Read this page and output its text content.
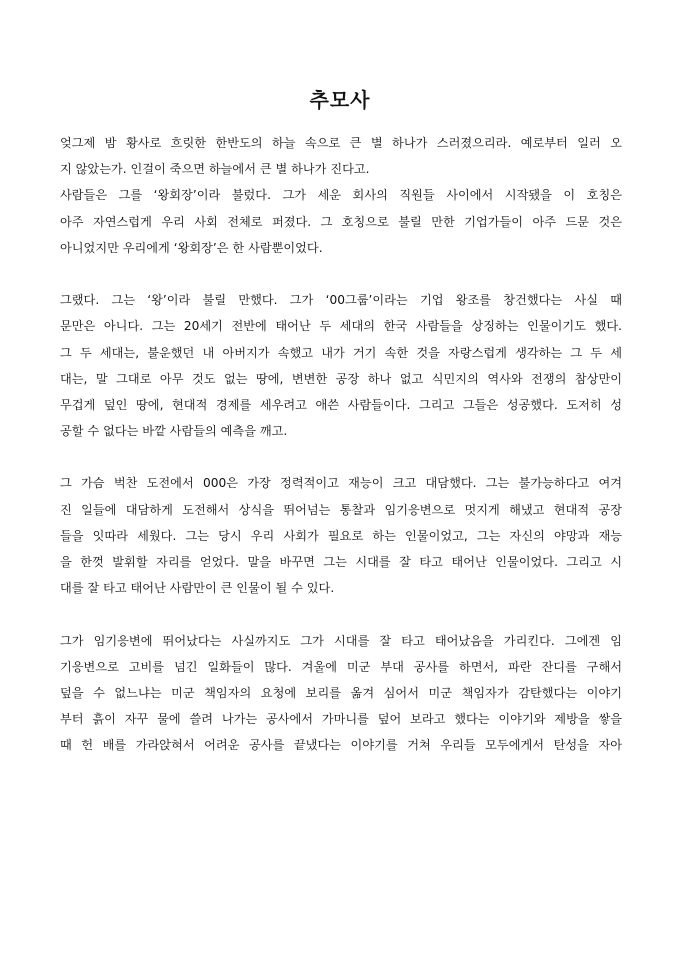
추모사
엊그제 밤 황사로 흐릿한 한반도의 하늘 속으로 큰 별 하나가 스러졌으리라. 예로부터 일러 오
지 않았는가. 인걸이 죽으면 하늘에서 큰 별 하나가 진다고.
사람들은 그를 ‘왕회장’이라 불렀다. 그가 세운 회사의 직원들 사이에서 시작됐을 이 호칭은
아주 자연스럽게 우리 사회 전체로 퍼졌다. 그 호칭으로 불릴 만한 기업가들이 아주 드문 것은
아니었지만 우리에게 ‘왕회장’은 한 사람뿐이었다.
그랬다. 그는 ‘왕’이라 불릴 만했다. 그가 ‘00그룹’이라는 기업 왕조를 창건했다는 사실 때
문만은 아니다. 그는 20세기 전반에 태어난 두 세대의 한국 사람들을 상징하는 인물이기도 했다.
그 두 세대는, 불운했던 내 아버지가 속했고 내가 거기 속한 것을 자랑스럽게 생각하는 그 두 세
대는, 말 그대로 아무 것도 없는 땅에, 변변한 공장 하나 없고 식민지의 역사와 전쟁의 참상만이
무겁게 덮인 땅에, 현대적 경제를 세우려고 애쓴 사람들이다. 그리고 그들은 성공했다. 도저히 성
공할 수 없다는 바깥 사람들의 예측을 깨고.
그 가슴 벅찬 도전에서 000은 가장 정력적이고 재능이 크고 대담했다. 그는 불가능하다고 여겨
진 일들에 대담하게 도전해서 상식을 뛰어넘는 통찰과 임기응변으로 멋지게 해냈고 현대적 공장
들을 잇따라 세웠다. 그는 당시 우리 사회가 필요로 하는 인물이었고, 그는 자신의 야망과 재능
을 한껏 발휘할 자리를 얻었다. 말을 바꾸면 그는 시대를 잘 타고 태어난 인물이었다. 그리고 시
대를 잘 타고 태어난 사람만이 큰 인물이 될 수 있다.
그가 임기응변에 뛰어났다는 사실까지도 그가 시대를 잘 타고 태어났음을 가리킨다. 그에겐 임
기응변으로 고비를 넘긴 일화들이 많다. 겨울에 미군 부대 공사를 하면서, 파란 잔디를 구해서
덮을 수 없느냐는 미군 책임자의 요청에 보리를 옮겨 심어서 미군 책임자가 감탄했다는 이야기
부터 흙이 자꾸 물에 쓸려 나가는 공사에서 가마니를 덮어 보라고 했다는 이야기와 제방을 쌓을
때 헌 배를 가라앉혀서 어려운 공사를 끝냈다는 이야기를 거쳐 우리들 모두에게서 탄성을 자아
